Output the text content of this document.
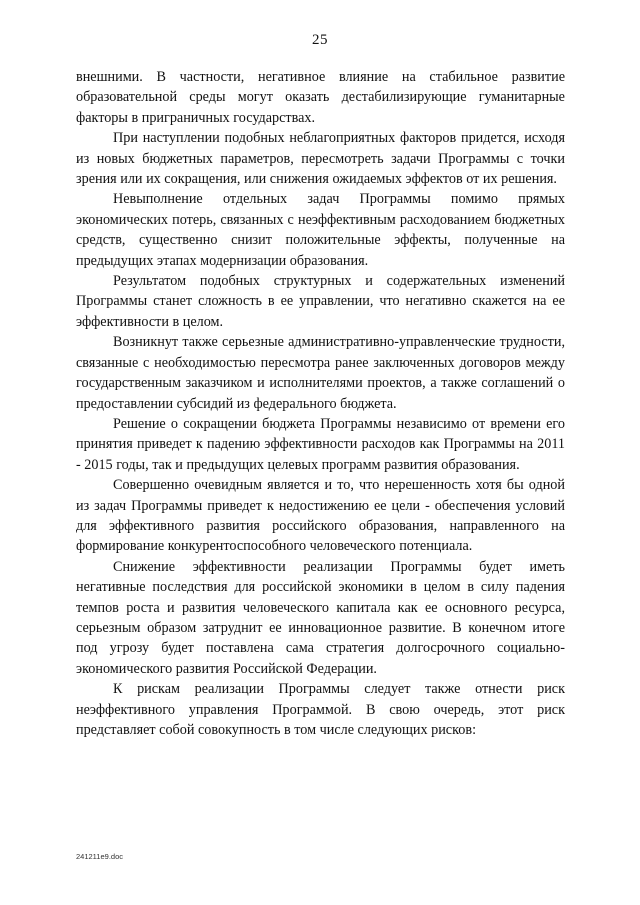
25

внешними. В частности, негативное влияние на стабильное развитие образовательной среды могут оказать дестабилизирующие гуманитарные факторы в приграничных государствах.

При наступлении подобных неблагоприятных факторов придется, исходя из новых бюджетных параметров, пересмотреть задачи Программы с точки зрения или их сокращения, или снижения ожидаемых эффектов от их решения.

Невыполнение отдельных задач Программы помимо прямых экономических потерь, связанных с неэффективным расходованием бюджетных средств, существенно снизит положительные эффекты, полученные на предыдущих этапах модернизации образования.

Результатом подобных структурных и содержательных изменений Программы станет сложность в ее управлении, что негативно скажется на ее эффективности в целом.

Возникнут также серьезные административно-управленческие трудности, связанные с необходимостью пересмотра ранее заключенных договоров между государственным заказчиком и исполнителями проектов, а также соглашений о предоставлении субсидий из федерального бюджета.

Решение о сокращении бюджета Программы независимо от времени его принятия приведет к падению эффективности расходов как Программы на 2011 - 2015 годы, так и предыдущих целевых программ развития образования.

Совершенно очевидным является и то, что нерешенность хотя бы одной из задач Программы приведет к недостижению ее цели - обеспечения условий для эффективного развития российского образования, направленного на формирование конкурентоспособного человеческого потенциала.

Снижение эффективности реализации Программы будет иметь негативные последствия для российской экономики в целом в силу падения темпов роста и развития человеческого капитала как ее основного ресурса, серьезным образом затруднит ее инновационное развитие. В конечном итоге под угрозу будет поставлена сама стратегия долгосрочного социально-экономического развития Российской Федерации.

К рискам реализации Программы следует также отнести риск неэффективного управления Программой. В свою очередь, этот риск представляет собой совокупность в том числе следующих рисков:

241211e9.doc
